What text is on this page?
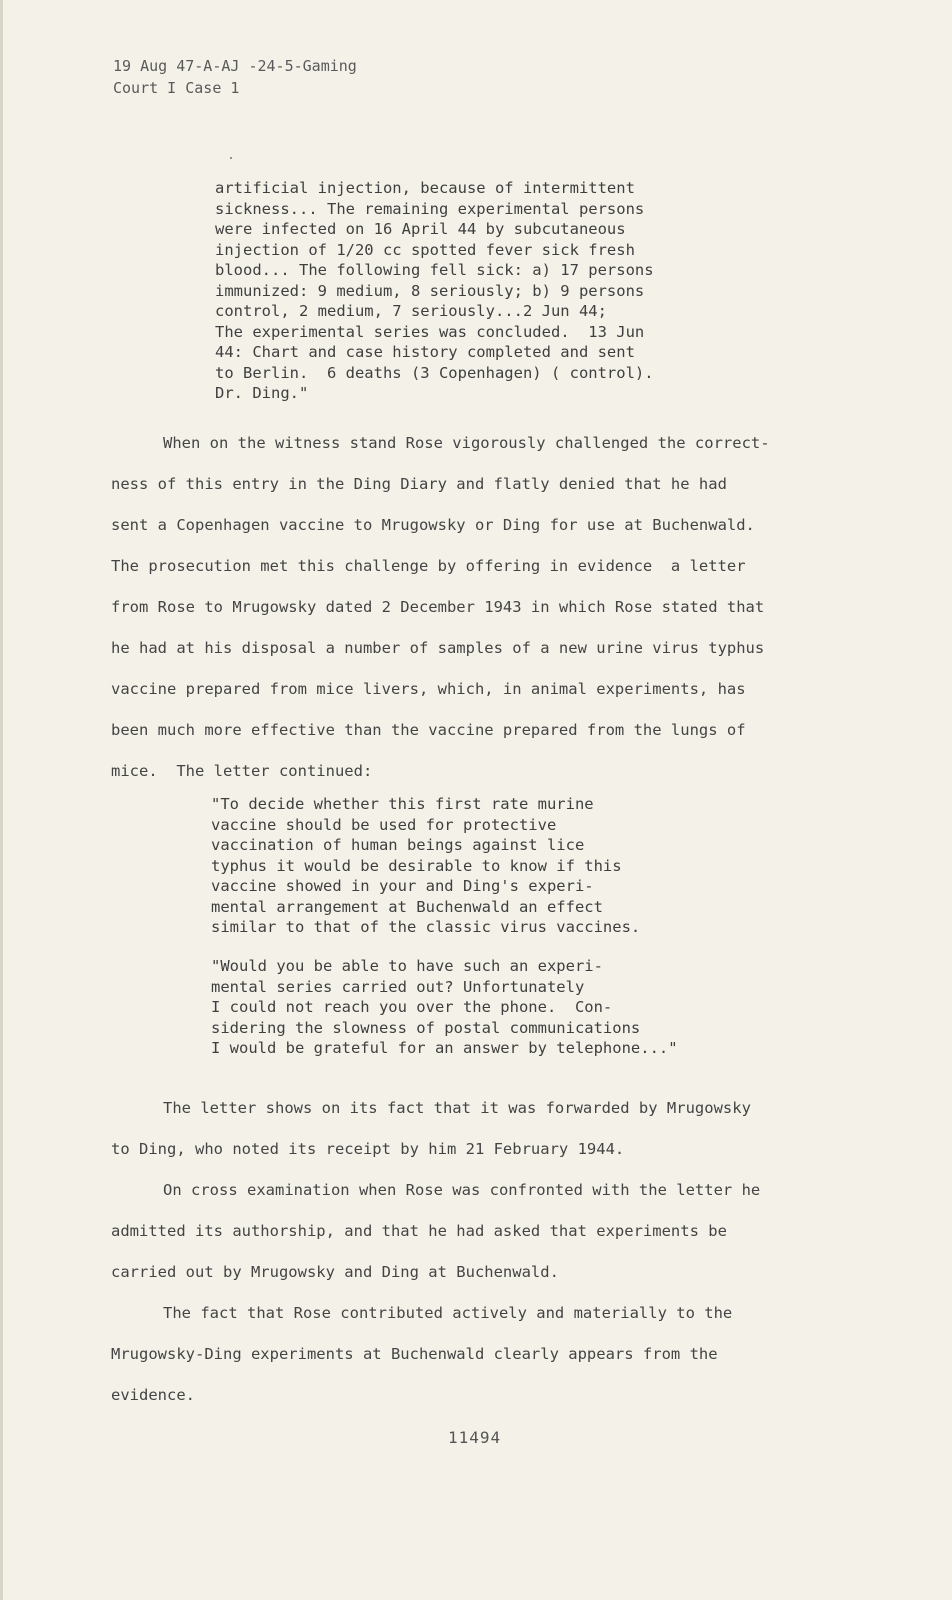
19 Aug 47-A-AJ -24-5-Gaming
Court I Case 1
artificial injection, because of intermittent
sickness... The remaining experimental persons
were infected on 16 April 44 by subcutaneous
injection of 1/20 cc spotted fever sick fresh
blood... The following fell sick: a) 17 persons
immunized: 9 medium, 8 seriously; b) 9 persons
control, 2 medium, 7 seriously...2 Jun 44;
The experimental series was concluded.  13 Jun
44: Chart and case history completed and sent
to Berlin.  6 deaths (3 Copenhagen) ( control).
Dr. Ding."
When on the witness stand Rose vigorously challenged the correct-
ness of this entry in the Ding Diary and flatly denied that he had
sent a Copenhagen vaccine to Mrugowsky or Ding for use at Buchenwald.
The prosecution met this challenge by offering in evidence  a letter
from Rose to Mrugowsky dated 2 December 1943 in which Rose stated that
he had at his disposal a number of samples of a new urine virus typhus
vaccine prepared from mice livers, which, in animal experiments, has
been much more effective than the vaccine prepared from the lungs of
mice.  The letter continued:
"To decide whether this first rate murine
vaccine should be used for protective
vaccination of human beings against lice
typhus it would be desirable to know if this
vaccine showed in your and Ding's experi-
mental arrangement at Buchenwald an effect
similar to that of the classic virus vaccines.
"Would you be able to have such an experi-
mental series carried out? Unfortunately
I could not reach you over the phone.  Con-
sidering the slowness of postal communications
I would be grateful for an answer by telephone..."
The letter shows on its fact that it was forwarded by Mrugowsky
to Ding, who noted its receipt by him 21 February 1944.
On cross examination when Rose was confronted with the letter he
admitted its authorship, and that he had asked that experiments be
carried out by Mrugowsky and Ding at Buchenwald.
The fact that Rose contributed actively and materially to the
Mrugowsky-Ding experiments at Buchenwald clearly appears from the
evidence.
11494
